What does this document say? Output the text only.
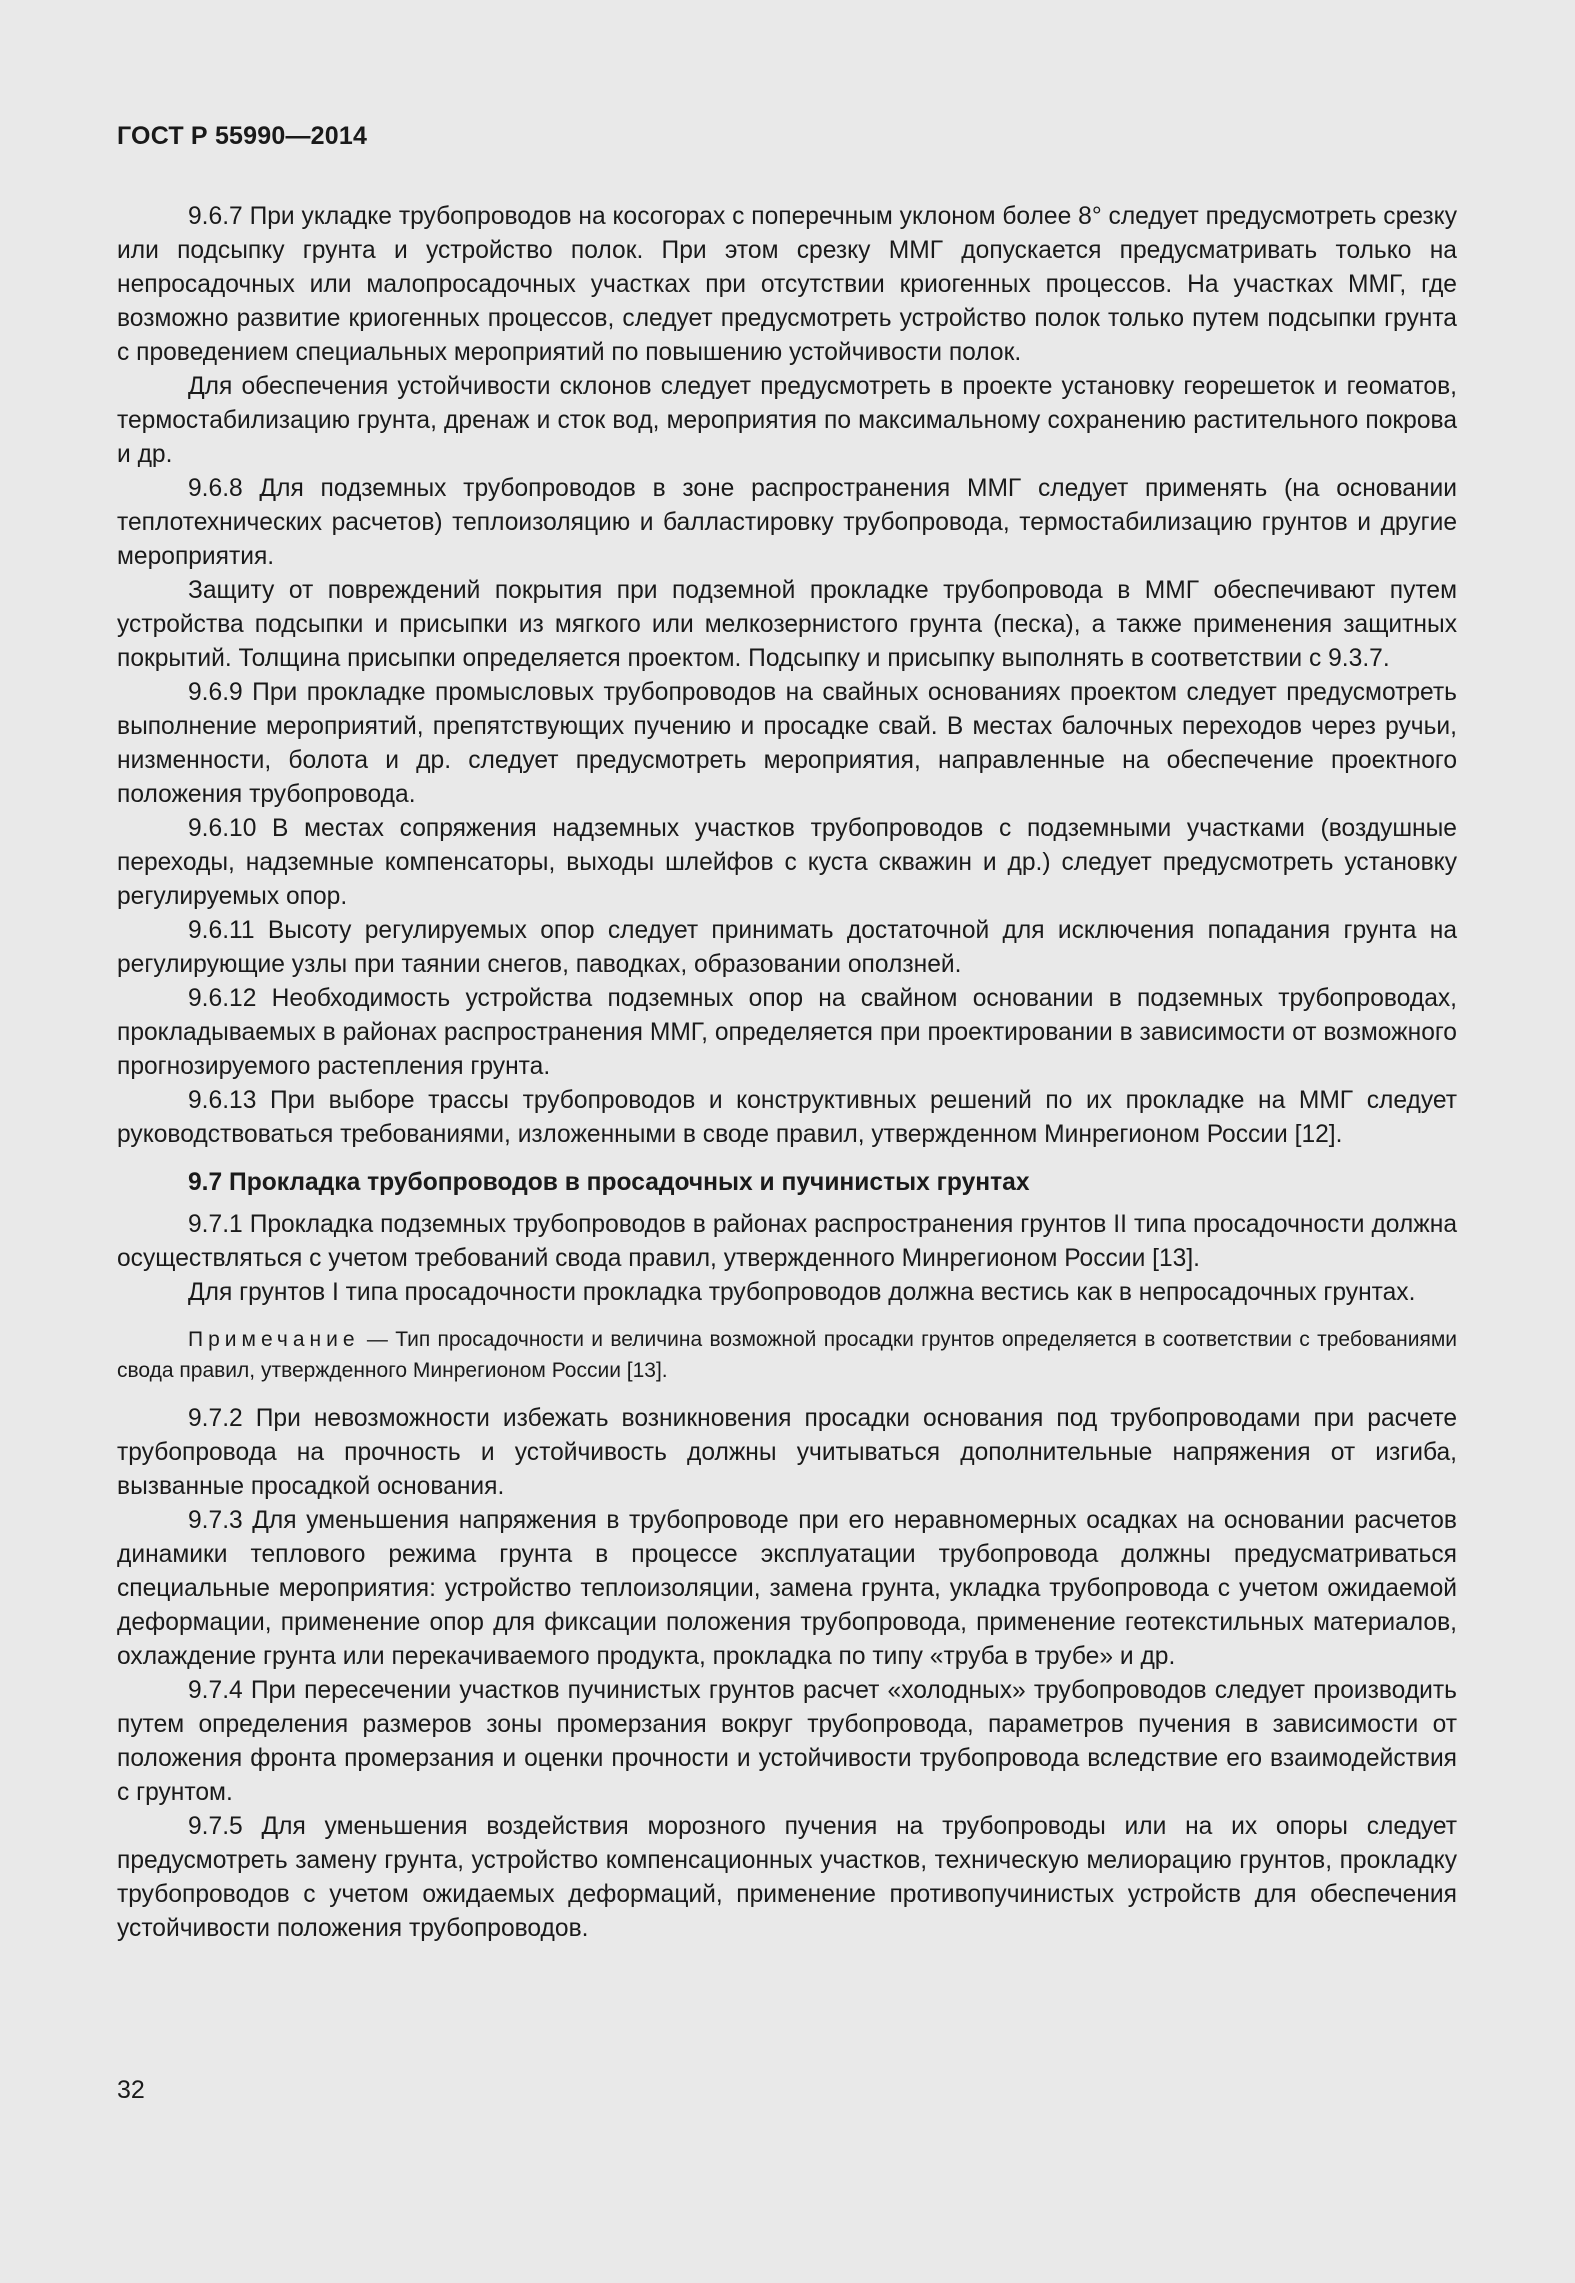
ГОСТ Р 55990—2014

9.6.7 При укладке трубопроводов на косогорах с поперечным уклоном более 8° следует предусмотреть срезку или подсыпку грунта и устройство полок. При этом срезку ММГ допускается предусматривать только на непросадочных или малопросадочных участках при отсутствии криогенных процессов. На участках ММГ, где возможно развитие криогенных процессов, следует предусмотреть устройство полок только путем подсыпки грунта с проведением специальных мероприятий по повышению устойчивости полок.

Для обеспечения устойчивости склонов следует предусмотреть в проекте установку георешеток и геоматов, термостабилизацию грунта, дренаж и сток вод, мероприятия по максимальному сохранению растительного покрова и др.

9.6.8 Для подземных трубопроводов в зоне распространения ММГ следует применять (на основании теплотехнических расчетов) теплоизоляцию и балластировку трубопровода, термостабилизацию грунтов и другие мероприятия.

Защиту от повреждений покрытия при подземной прокладке трубопровода в ММГ обеспечивают путем устройства подсыпки и присыпки из мягкого или мелкозернистого грунта (песка), а также применения защитных покрытий. Толщина присыпки определяется проектом. Подсыпку и присыпку выполнять в соответствии с 9.3.7.

9.6.9 При прокладке промысловых трубопроводов на свайных основаниях проектом следует предусмотреть выполнение мероприятий, препятствующих пучению и просадке свай. В местах балочных переходов через ручьи, низменности, болота и др. следует предусмотреть мероприятия, направленные на обеспечение проектного положения трубопровода.

9.6.10 В местах сопряжения надземных участков трубопроводов с подземными участками (воздушные переходы, надземные компенсаторы, выходы шлейфов с куста скважин и др.) следует предусмотреть установку регулируемых опор.

9.6.11 Высоту регулируемых опор следует принимать достаточной для исключения попадания грунта на регулирующие узлы при таянии снегов, паводках, образовании оползней.

9.6.12 Необходимость устройства подземных опор на свайном основании в подземных трубопроводах, прокладываемых в районах распространения ММГ, определяется при проектировании в зависимости от возможного прогнозируемого растепления грунта.

9.6.13 При выборе трассы трубопроводов и конструктивных решений по их прокладке на ММГ следует руководствоваться требованиями, изложенными в своде правил, утвержденном Минрегионом России [12].

9.7 Прокладка трубопроводов в просадочных и пучинистых грунтах

9.7.1 Прокладка подземных трубопроводов в районах распространения грунтов II типа просадочности должна осуществляться с учетом требований свода правил, утвержденного Минрегионом России [13].

Для грунтов I типа просадочности прокладка трубопроводов должна вестись как в непросадочных грунтах.

Примечание — Тип просадочности и величина возможной просадки грунтов определяется в соответствии с требованиями свода правил, утвержденного Минрегионом России [13].

9.7.2 При невозможности избежать возникновения просадки основания под трубопроводами при расчете трубопровода на прочность и устойчивость должны учитываться дополнительные напряжения от изгиба, вызванные просадкой основания.

9.7.3 Для уменьшения напряжения в трубопроводе при его неравномерных осадках на основании расчетов динамики теплового режима грунта в процессе эксплуатации трубопровода должны предусматриваться специальные мероприятия: устройство теплоизоляции, замена грунта, укладка трубопровода с учетом ожидаемой деформации, применение опор для фиксации положения трубопровода, применение геотекстильных материалов, охлаждение грунта или перекачиваемого продукта, прокладка по типу «труба в трубе» и др.

9.7.4 При пересечении участков пучинистых грунтов расчет «холодных» трубопроводов следует производить путем определения размеров зоны промерзания вокруг трубопровода, параметров пучения в зависимости от положения фронта промерзания и оценки прочности и устойчивости трубопровода вследствие его взаимодействия с грунтом.

9.7.5 Для уменьшения воздействия морозного пучения на трубопроводы или на их опоры следует предусмотреть замену грунта, устройство компенсационных участков, техническую мелиорацию грунтов, прокладку трубопроводов с учетом ожидаемых деформаций, применение противопучинистых устройств для обеспечения устойчивости положения трубопроводов.

32
